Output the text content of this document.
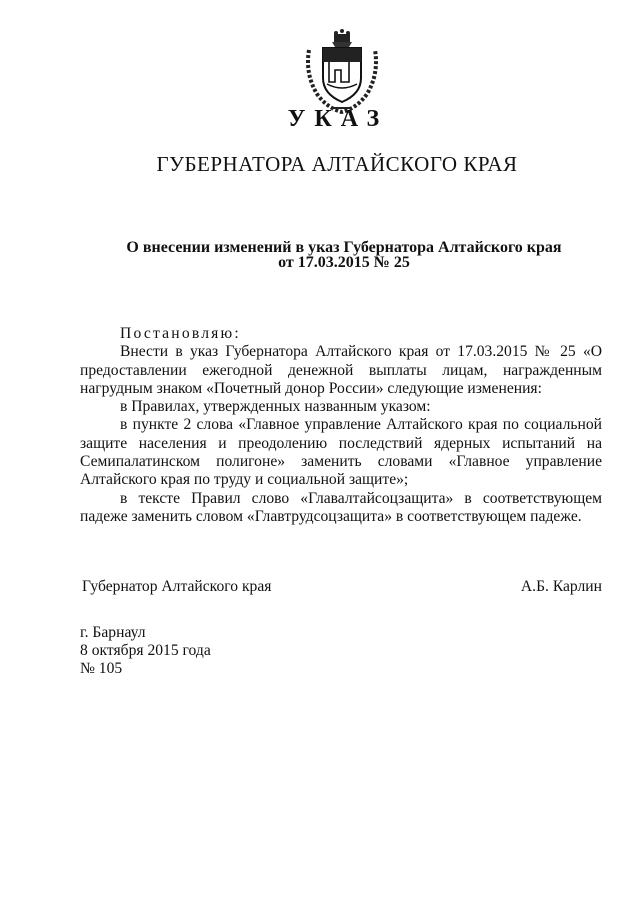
УКАЗ
ГУБЕРНАТОРА АЛТАЙСКОГО КРАЯ
О внесении изменений в указ Губернатора Алтайского края
от 17.03.2015 № 25

Постановляю:

Внести в указ Губернатора Алтайского края от 17.03.2015 № 25 «О предоставлении ежегодной денежной выплаты лицам, награжденным нагрудным знаком «Почетный донор России» следующие изменения:

в Правилах, утвержденных названным указом:

в пункте 2 слова «Главное управление Алтайского края по социальной защите населения и преодолению последствий ядерных испытаний на Семипалатинском полигоне» заменить словами «Главное управление Алтайского края по труду и социальной защите»;

в тексте Правил слово «Главалтайсоцзащита» в соответствующем падеже заменить словом «Главтрудсоцзащита» в соответствующем падеже.

Губернатор Алтайского края	А.Б. Карлин
г. Барнаул
8 октября 2015 года
№ 105
